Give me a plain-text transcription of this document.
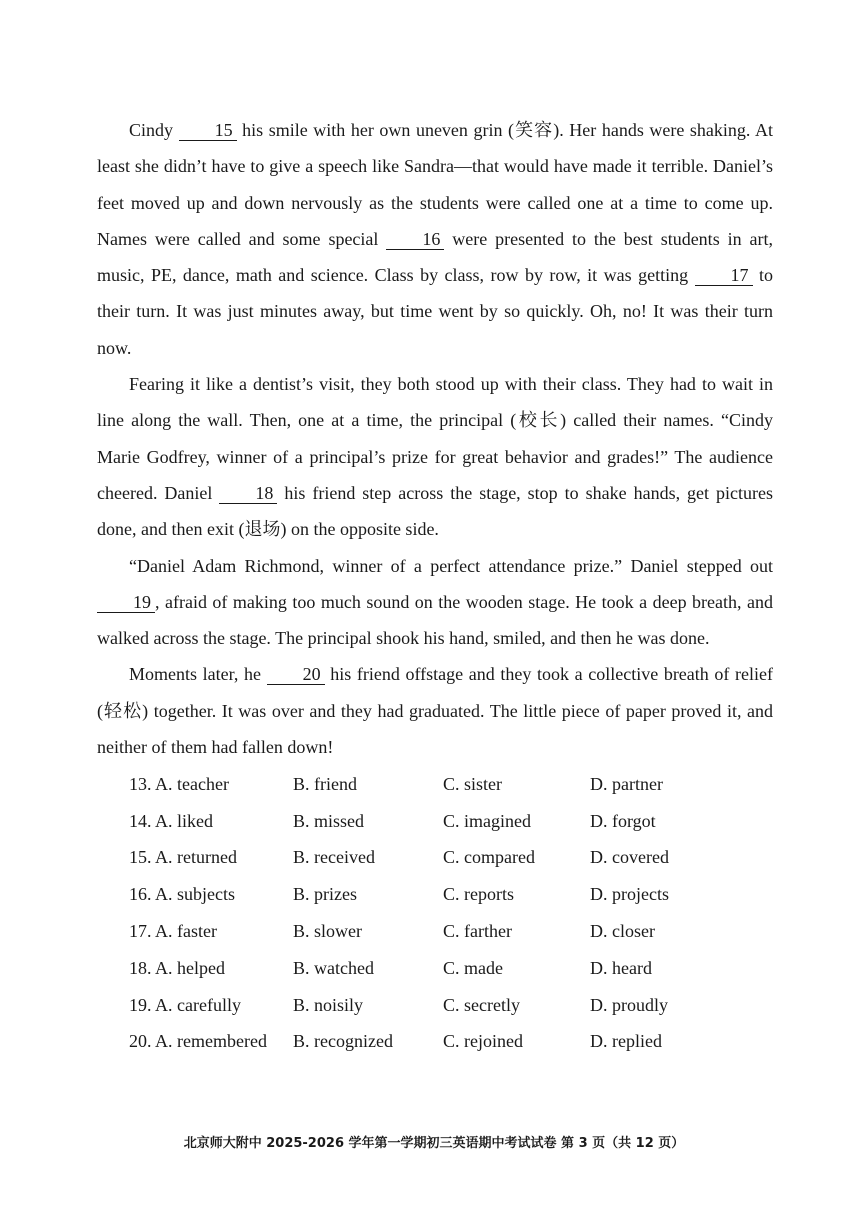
Cindy 15 his smile with her own uneven grin (笑容). Her hands were shaking. At least she didn’t have to give a speech like Sandra—that would have made it terrible. Daniel’s feet moved up and down nervously as the students were called one at a time to come up. Names were called and some special 16 were presented to the best students in art, music, PE, dance, math and science. Class by class, row by row, it was getting 17 to their turn. It was just minutes away, but time went by so quickly. Oh, no! It was their turn now.

Fearing it like a dentist’s visit, they both stood up with their class. They had to wait in line along the wall. Then, one at a time, the principal (校长) called their names. “Cindy Marie Godfrey, winner of a principal’s prize for great behavior and grades!” The audience cheered. Daniel 18 his friend step across the stage, stop to shake hands, get pictures done, and then exit (退场) on the opposite side.

“Daniel Adam Richmond, winner of a perfect attendance prize.” Daniel stepped out 19 , afraid of making too much sound on the wooden stage. He took a deep breath, and walked across the stage. The principal shook his hand, smiled, and then he was done.

Moments later, he 20 his friend offstage and they took a collective breath of relief (轻松) together. It was over and they had graduated. The little piece of paper proved it, and neither of them had fallen down!

13. A. teacher	B. friend	C. sister	D. partner
14. A. liked	B. missed	C. imagined	D. forgot
15. A. returned	B. received	C. compared	D. covered
16. A. subjects	B. prizes	C. reports	D. projects
17. A. faster	B. slower	C. farther	D. closer
18. A. helped	B. watched	C. made	D. heard
19. A. carefully	B. noisily	C. secretly	D. proudly
20. A. remembered	B. recognized	C. rejoined	D. replied
北京师大附中 2025-2026 学年第一学期初三英语期中考试试卷 第 3 页（共 12 页）
